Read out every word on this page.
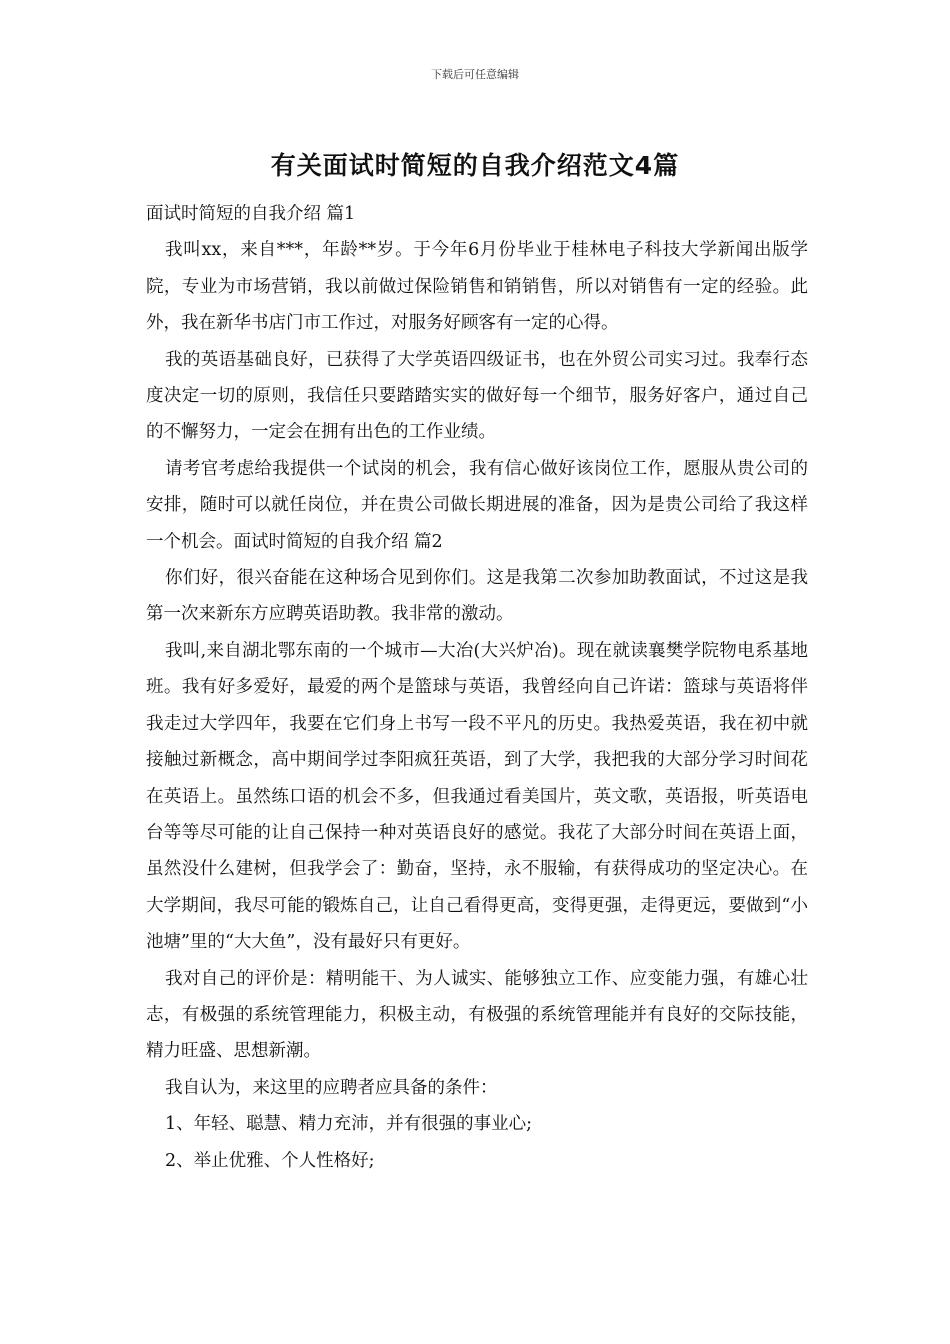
下载后可任意编辑
有关面试时简短的自我介绍范文4篇

面试时简短的自我介绍 篇1

我叫xx，来自***，年龄**岁。于今年6月份毕业于桂林电子科技大学新闻出版学院，专业为市场营销，我以前做过保险销售和销销售，所以对销售有一定的经验。此外，我在新华书店门市工作过，对服务好顾客有一定的心得。

我的英语基础良好，已获得了大学英语四级证书，也在外贸公司实习过。我奉行态度决定一切的原则，我信任只要踏踏实实的做好每一个细节，服务好客户，通过自己的不懈努力，一定会在拥有出色的工作业绩。

请考官考虑给我提供一个试岗的机会，我有信心做好该岗位工作，愿服从贵公司的安排，随时可以就任岗位，并在贵公司做长期进展的准备，因为是贵公司给了我这样一个机会。面试时简短的自我介绍 篇2

你们好，很兴奋能在这种场合见到你们。这是我第二次参加助教面试，不过这是我第一次来新东方应聘英语助教。我非常的激动。

我叫,来自湖北鄂东南的一个城市—大冶(大兴炉冶)。现在就读襄樊学院物电系基地班。我有好多爱好，最爱的两个是篮球与英语，我曾经向自己许诺：篮球与英语将伴我走过大学四年，我要在它们身上书写一段不平凡的历史。我热爱英语，我在初中就接触过新概念，高中期间学过李阳疯狂英语，到了大学，我把我的大部分学习时间花在英语上。虽然练口语的机会不多，但我通过看美国片，英文歌，英语报，听英语电台等等尽可能的让自己保持一种对英语良好的感觉。我花了大部分时间在英语上面，虽然没什么建树，但我学会了：勤奋，坚持，永不服输，有获得成功的坚定决心。在大学期间，我尽可能的锻炼自己，让自己看得更高，变得更强，走得更远，要做到“小池塘”里的“大大鱼”，没有最好只有更好。

我对自己的评价是：精明能干、为人诚实、能够独立工作、应变能力强，有雄心壮志，有极强的系统管理能力，积极主动，有极强的系统管理能并有良好的交际技能，精力旺盛、思想新潮。

我自认为，来这里的应聘者应具备的条件：

1、年轻、聪慧、精力充沛，并有很强的事业心;

2、举止优雅、个人性格好;
